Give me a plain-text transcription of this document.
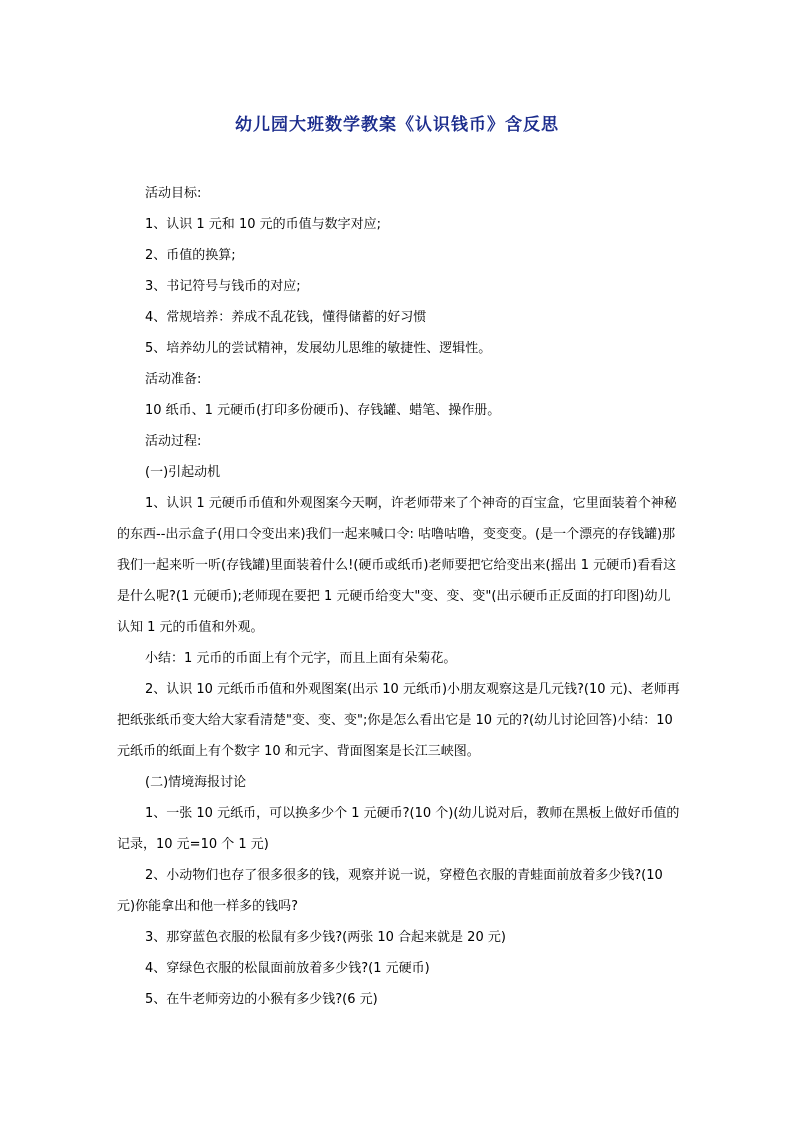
幼儿园大班数学教案《认识钱币》含反思

活动目标:

1、认识 1 元和 10 元的币值与数字对应;

2、币值的换算;

3、书记符号与钱币的对应;

4、常规培养：养成不乱花钱，懂得储蓄的好习惯

5、培养幼儿的尝试精神，发展幼儿思维的敏捷性、逻辑性。

活动准备:

10 纸币、1 元硬币(打印多份硬币)、存钱罐、蜡笔、操作册。

活动过程:

(一)引起动机

1、认识 1 元硬币币值和外观图案今天啊，许老师带来了个神奇的百宝盒，它里面装着个神秘的东西--出示盒子(用口令变出来)我们一起来喊口令: 咕噜咕噜，变变变。(是一个漂亮的存钱罐)那我们一起来听一听(存钱罐)里面装着什么!(硬币或纸币)老师要把它给变出来(摇出 1 元硬币)看看这是什么呢?(1 元硬币);老师现在要把 1 元硬币给变大"变、变、变"(出示硬币正反面的打印图)幼儿认知 1 元的币值和外观。

小结：1 元币的币面上有个元字，而且上面有朵菊花。

2、认识 10 元纸币币值和外观图案(出示 10 元纸币)小朋友观察这是几元钱?(10 元)、老师再把纸张纸币变大给大家看清楚"变、变、变";你是怎么看出它是 10 元的?(幼儿讨论回答)小结：10 元纸币的纸面上有个数字 10 和元字、背面图案是长江三峡图。

(二)情境海报讨论

1、一张 10 元纸币，可以换多少个 1 元硬币?(10 个)(幼儿说对后，教师在黑板上做好币值的记录，10 元=10 个 1 元)

2、小动物们也存了很多很多的钱，观察并说一说，穿橙色衣服的青蛙面前放着多少钱?(10 元)你能拿出和他一样多的钱吗?

3、那穿蓝色衣服的松鼠有多少钱?(两张 10 合起来就是 20 元)

4、穿绿色衣服的松鼠面前放着多少钱?(1 元硬币)

5、在牛老师旁边的小猴有多少钱?(6 元)
